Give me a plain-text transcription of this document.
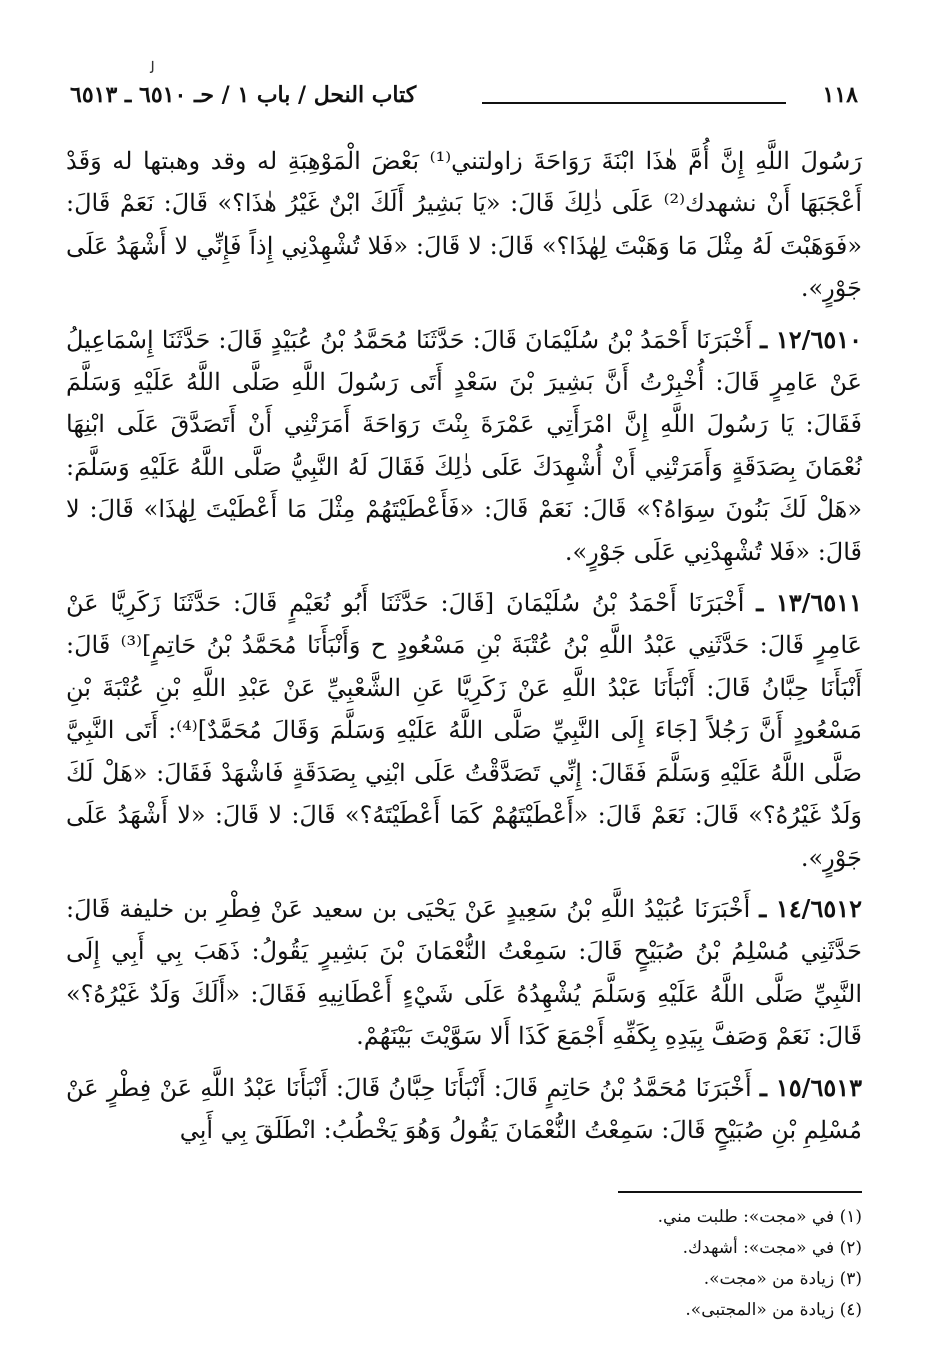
ﻟ
١١٨
كتاب النحل / باب ١ / حـ ٦٥١٠ ـ ٦٥١٣

رَسُولَ اللَّهِ إِنَّ أُمَّ هٰذَا ابْنَةَ رَوَاحَةَ زاولتني⁽¹⁾ بَعْضَ الْمَوْهِبَةِ له وقد وهبتها له وَقَدْ أَعْجَبَهَا أَنْ نشهدك⁽²⁾ عَلَى ذٰلِكَ قَالَ: «يَا بَشِيرُ أَلَكَ ابْنٌ غَيْرُ هٰذَا؟» قَالَ: نَعَمْ قَالَ: «فَوَهَبْتَ لَهُ مِثْلَ مَا وَهَبْتَ لِهٰذَا؟» قَالَ: لا قَالَ: «فَلا تُشْهِدْنِي إِذاً فَإِنِّي لا أَشْهَدُ عَلَى جَوْرٍ».

١٢/٦٥١٠ ـ أَخْبَرَنَا أَحْمَدُ بْنُ سُلَيْمَانَ قَالَ: حَدَّثَنَا مُحَمَّدُ بْنُ عُبَيْدٍ قَالَ: حَدَّثَنَا إِسْمَاعِيلُ عَنْ عَامِرٍ قَالَ: أُخْبِرْتُ أَنَّ بَشِيرَ بْنَ سَعْدٍ أَتَى رَسُولَ اللَّهِ صَلَّى اللَّهُ عَلَيْهِ وَسَلَّمَ فَقَالَ: يَا رَسُولَ اللَّهِ إِنَّ امْرَأَتِي عَمْرَةَ بِنْتَ رَوَاحَةَ أَمَرَتْنِي أَنْ أَتَصَدَّقَ عَلَى ابْنِهَا نُعْمَانَ بِصَدَقَةٍ وَأَمَرَتْنِي أَنْ أُشْهِدَكَ عَلَى ذٰلِكَ فَقَالَ لَهُ النَّبِيُّ صَلَّى اللَّهُ عَلَيْهِ وَسَلَّمَ: «هَلْ لَكَ بَنُونَ سِوَاهُ؟» قَالَ: نَعَمْ قَالَ: «فَأَعْطَيْتَهُمْ مِثْلَ مَا أَعْطَيْتَ لِهٰذَا» قَالَ: لا قَالَ: «فَلا تُشْهِدْنِي عَلَى جَوْرٍ».

١٣/٦٥١١ ـ أَخْبَرَنَا أَحْمَدُ بْنُ سُلَيْمَانَ [قَالَ: حَدَّثَنَا أَبُو نُعَيْمٍ قَالَ: حَدَّثَنَا زَكَرِيَّا عَنْ عَامِرٍ قَالَ: حَدَّثَنِي عَبْدُ اللَّهِ بْنُ عُتْبَةَ بْنِ مَسْعُودٍ ح وَأَنْبَأَنَا مُحَمَّدُ بْنُ حَاتِمٍ]⁽³⁾ قَالَ: أَنْبَأَنَا حِبَّانُ قَالَ: أَنْبَأَنَا عَبْدُ اللَّهِ عَنْ زَكَرِيَّا عَنِ الشَّعْبِيِّ عَنْ عَبْدِ اللَّهِ بْنِ عُتْبَةَ بْنِ مَسْعُودٍ أَنَّ رَجُلاً [جَاءَ إِلَى النَّبِيِّ صَلَّى اللَّهُ عَلَيْهِ وَسَلَّمَ وَقَالَ مُحَمَّدٌ]⁽⁴⁾: أَتَى النَّبِيَّ صَلَّى اللَّهُ عَلَيْهِ وَسَلَّمَ فَقَالَ: إِنِّي تَصَدَّقْتُ عَلَى ابْنِي بِصَدَقَةٍ فَاشْهَدْ فَقَالَ: «هَلْ لَكَ وَلَدٌ غَيْرُهُ؟» قَالَ: نَعَمْ قَالَ: «أَعْطَيْتَهُمْ كَمَا أَعْطَيْتَهُ؟» قَالَ: لا قَالَ: «لا أَشْهَدُ عَلَى جَوْرٍ».

١٤/٦٥١٢ ـ أَخْبَرَنَا عُبَيْدُ اللَّهِ بْنُ سَعِيدٍ عَنْ يَحْيَى بن سعيد عَنْ فِطْرِ بن خليفة قَالَ: حَدَّثَنِي مُسْلِمُ بْنُ صُبَيْحٍ قَالَ: سَمِعْتُ النُّعْمَانَ بْنَ بَشِيرٍ يَقُولُ: ذَهَبَ بِي أَبِي إِلَى النَّبِيِّ صَلَّى اللَّهُ عَلَيْهِ وَسَلَّمَ يُشْهِدُهُ عَلَى شَيْءٍ أَعْطَانِيهِ فَقَالَ: «أَلَكَ وَلَدٌ غَيْرُهُ؟» قَالَ: نَعَمْ وَصَفَّ بِيَدِهِ بِكَفِّهِ أَجْمَعَ كَذَا أَلا سَوَّيْتَ بَيْنَهُمْ.

١٥/٦٥١٣ ـ أَخْبَرَنَا مُحَمَّدُ بْنُ حَاتِمٍ قَالَ: أَنْبَأَنَا حِبَّانُ قَالَ: أَنْبَأَنَا عَبْدُ اللَّهِ عَنْ فِطْرٍ عَنْ مُسْلِمِ بْنِ صُبَيْحٍ قَالَ: سَمِعْتُ النُّعْمَانَ يَقُولُ وَهُوَ يَخْطُبُ: انْطَلَقَ بِي أَبِي

(١) في «مجت»: طلبت مني.
(٢) في «مجت»: أشهدك.
(٣) زيادة من «مجت».
(٤) زيادة من «المجتبى».
